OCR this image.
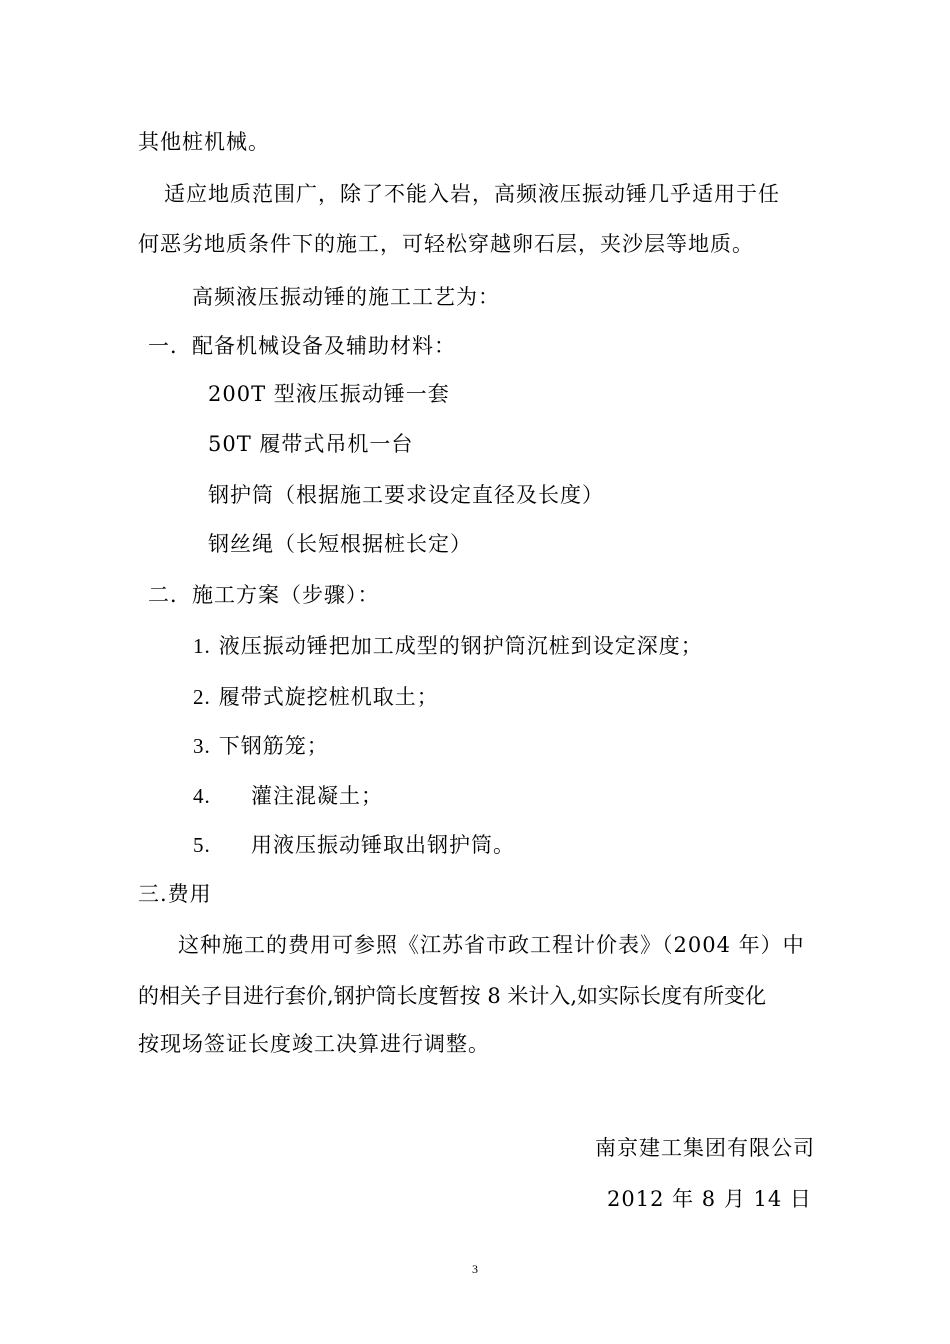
其他桩机械。
适应地质范围广，除了不能入岩，高频液压振动锤几乎适用于任
何恶劣地质条件下的施工，可轻松穿越卵石层，夹沙层等地质。
高频液压振动锤的施工工艺为：
一．配备机械设备及辅助材料：
200T 型液压振动锤一套
50T 履带式吊机一台
钢护筒（根据施工要求设定直径及长度）
钢丝绳（长短根据桩长定）
二．施工方案（步骤）：
1. 液压振动锤把加工成型的钢护筒沉桩到设定深度；
2. 履带式旋挖桩机取土；
3. 下钢筋笼；
4. 灌注混凝土；
5. 用液压振动锤取出钢护筒。
三.费用
这种施工的费用可参照《江苏省市政工程计价表》（2004 年）中
的相关子目进行套价,钢护筒长度暂按 8 米计入,如实际长度有所变化
按现场签证长度竣工决算进行调整。
南京建工集团有限公司
2012 年 8 月 14 日
3
